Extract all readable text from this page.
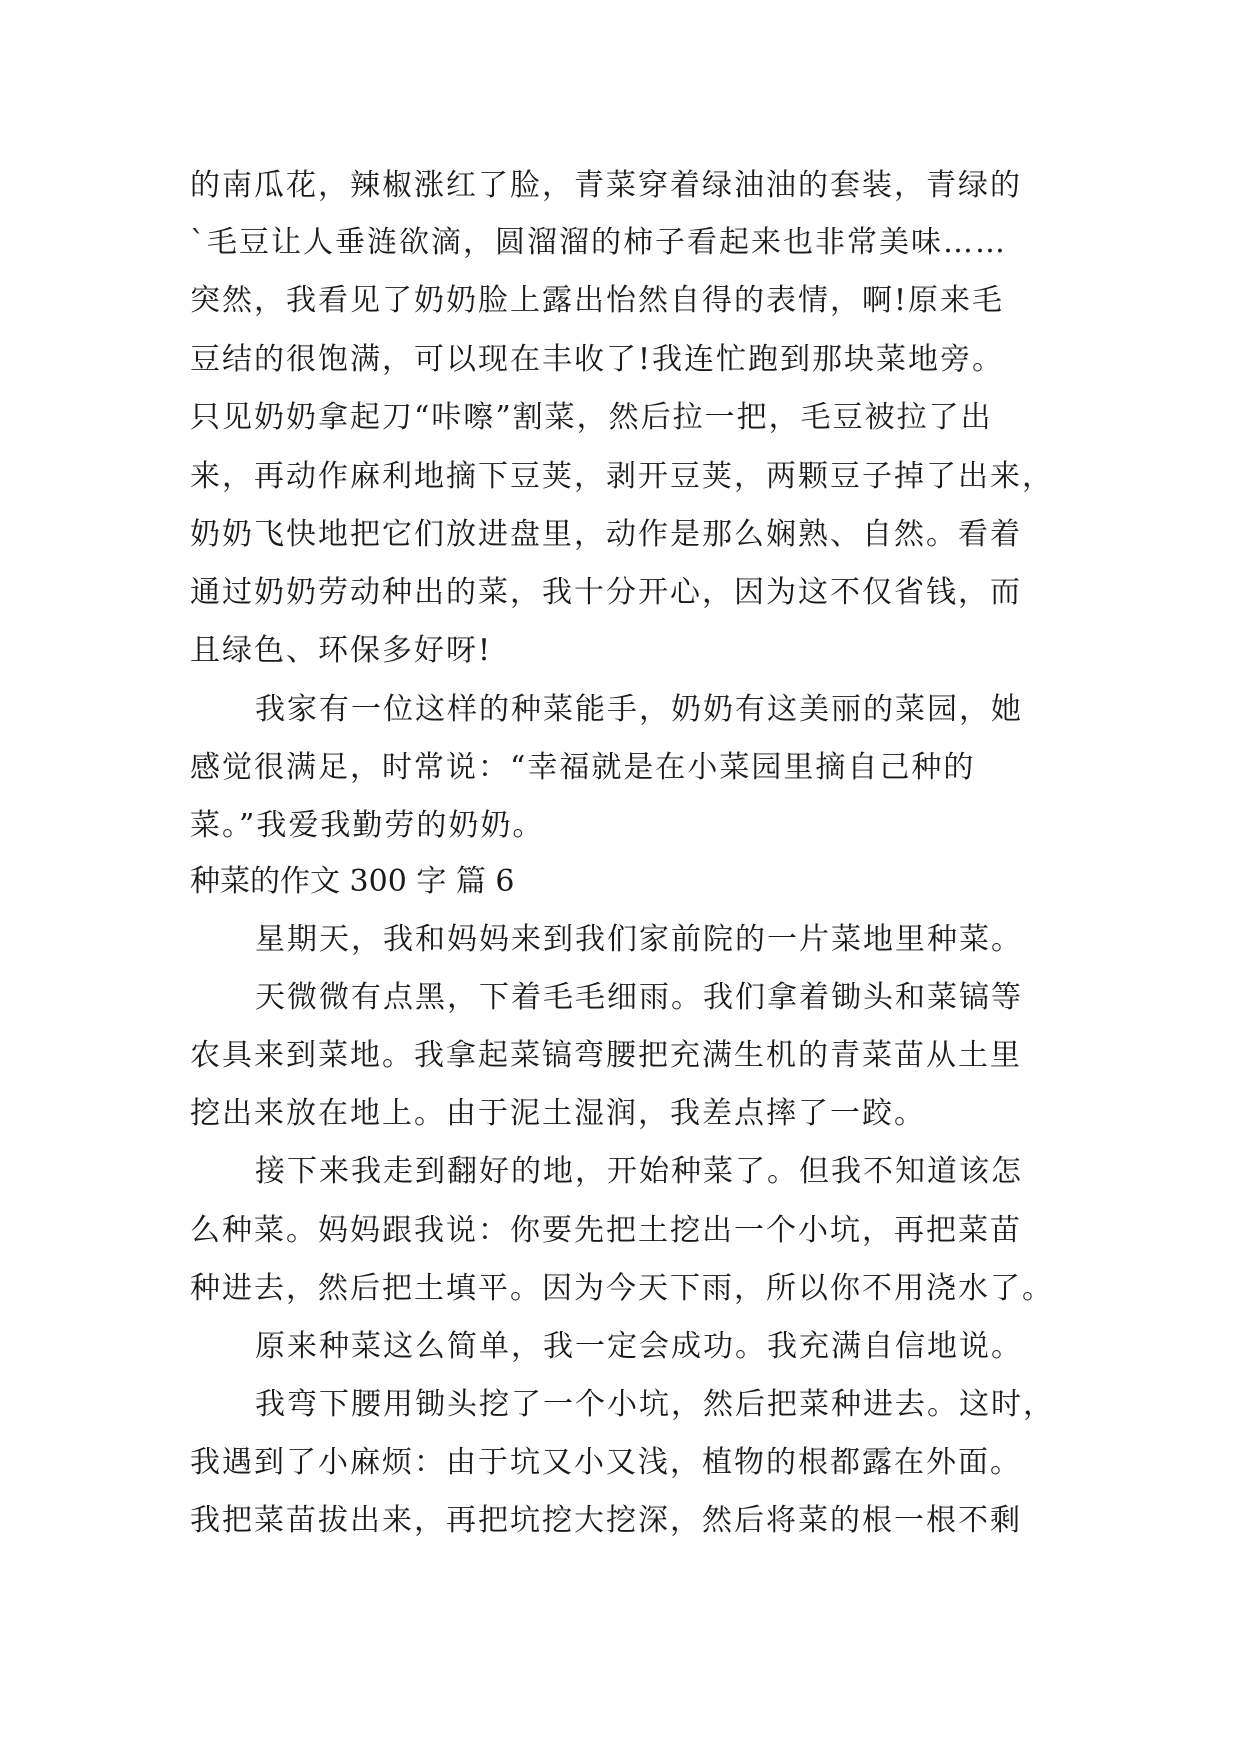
的南瓜花，辣椒涨红了脸，青菜穿着绿油油的套装，青绿的
`毛豆让人垂涟欲滴，圆溜溜的柿子看起来也非常美味……
突然，我看见了奶奶脸上露出怡然自得的表情，啊!原来毛
豆结的很饱满，可以现在丰收了!我连忙跑到那块菜地旁。
只见奶奶拿起刀“咔嚓”割菜，然后拉一把，毛豆被拉了出
来，再动作麻利地摘下豆荚，剥开豆荚，两颗豆子掉了出来，
奶奶飞快地把它们放进盘里，动作是那么娴熟、自然。看着
通过奶奶劳动种出的菜，我十分开心，因为这不仅省钱，而
且绿色、环保多好呀!
我家有一位这样的种菜能手，奶奶有这美丽的菜园，她
感觉很满足，时常说：“幸福就是在小菜园里摘自己种的
菜。”我爱我勤劳的奶奶。
种菜的作文 300 字 篇 6
星期天，我和妈妈来到我们家前院的一片菜地里种菜。
天微微有点黑，下着毛毛细雨。我们拿着锄头和菜镐等
农具来到菜地。我拿起菜镐弯腰把充满生机的青菜苗从土里
挖出来放在地上。由于泥土湿润，我差点摔了一跤。
接下来我走到翻好的地，开始种菜了。但我不知道该怎
么种菜。妈妈跟我说：你要先把土挖出一个小坑，再把菜苗
种进去，然后把土填平。因为今天下雨，所以你不用浇水了。
原来种菜这么简单，我一定会成功。我充满自信地说。
我弯下腰用锄头挖了一个小坑，然后把菜种进去。这时，
我遇到了小麻烦：由于坑又小又浅，植物的根都露在外面。
我把菜苗拔出来，再把坑挖大挖深，然后将菜的根一根不剩
